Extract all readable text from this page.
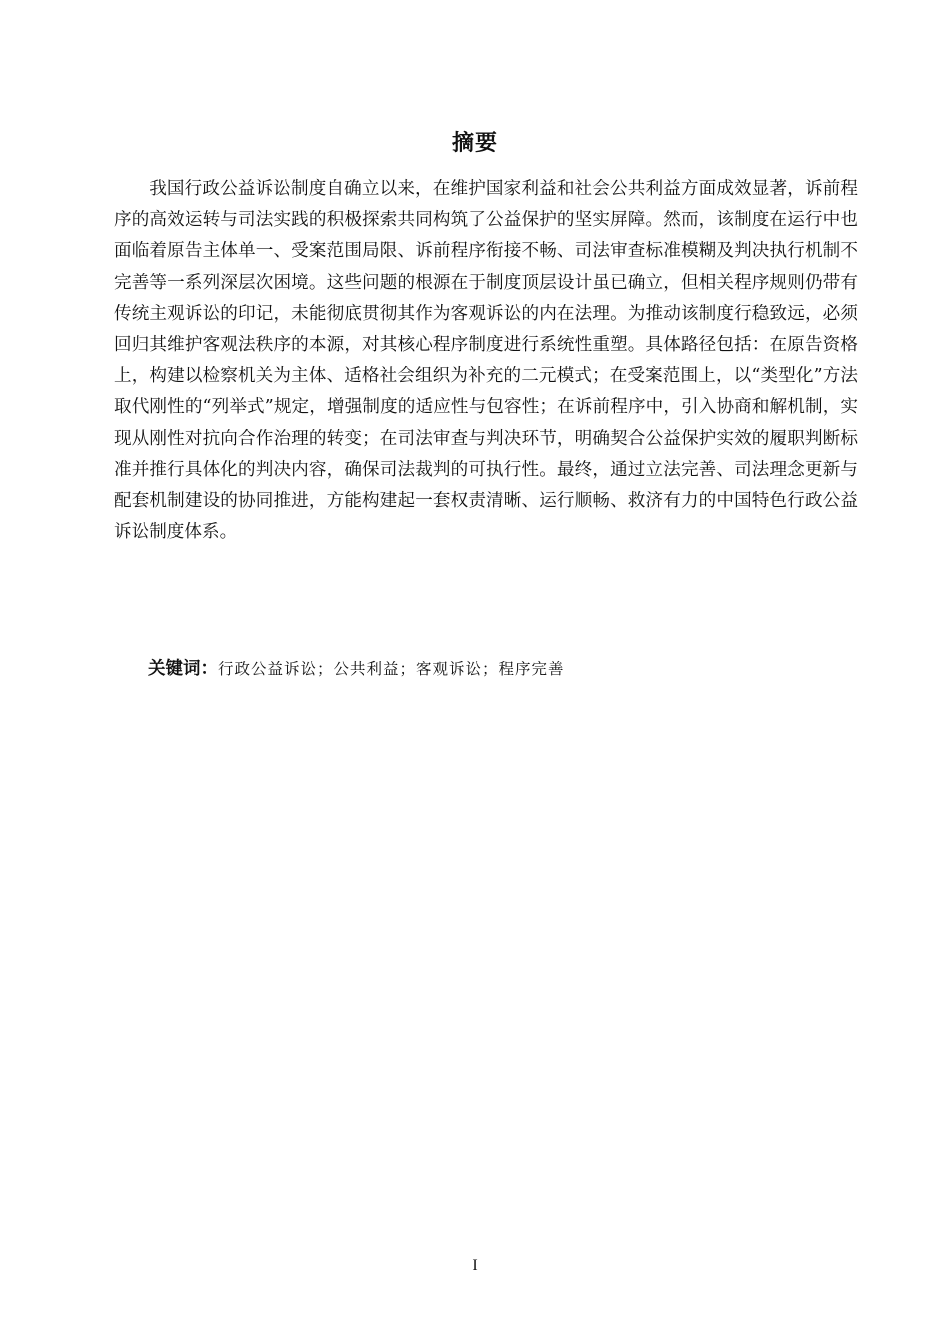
摘要

我国行政公益诉讼制度自确立以来，在维护国家利益和社会公共利益方面成效显著，诉前程序的高效运转与司法实践的积极探索共同构筑了公益保护的坚实屏障。然而，该制度在运行中也面临着原告主体单一、受案范围局限、诉前程序衔接不畅、司法审查标准模糊及判决执行机制不完善等一系列深层次困境。这些问题的根源在于制度顶层设计虽已确立，但相关程序规则仍带有传统主观诉讼的印记，未能彻底贯彻其作为客观诉讼的内在法理。为推动该制度行稳致远，必须回归其维护客观法秩序的本源，对其核心程序制度进行系统性重塑。具体路径包括：在原告资格上，构建以检察机关为主体、适格社会组织为补充的二元模式；在受案范围上，以“类型化”方法取代刚性的“列举式”规定，增强制度的适应性与包容性；在诉前程序中，引入协商和解机制，实现从刚性对抗向合作治理的转变；在司法审查与判决环节，明确契合公益保护实效的履职判断标准并推行具体化的判决内容，确保司法裁判的可执行性。最终，通过立法完善、司法理念更新与配套机制建设的协同推进，方能构建起一套权责清晰、运行顺畅、救济有力的中国特色行政公益诉讼制度体系。

关键词：行政公益诉讼；公共利益；客观诉讼；程序完善
I
